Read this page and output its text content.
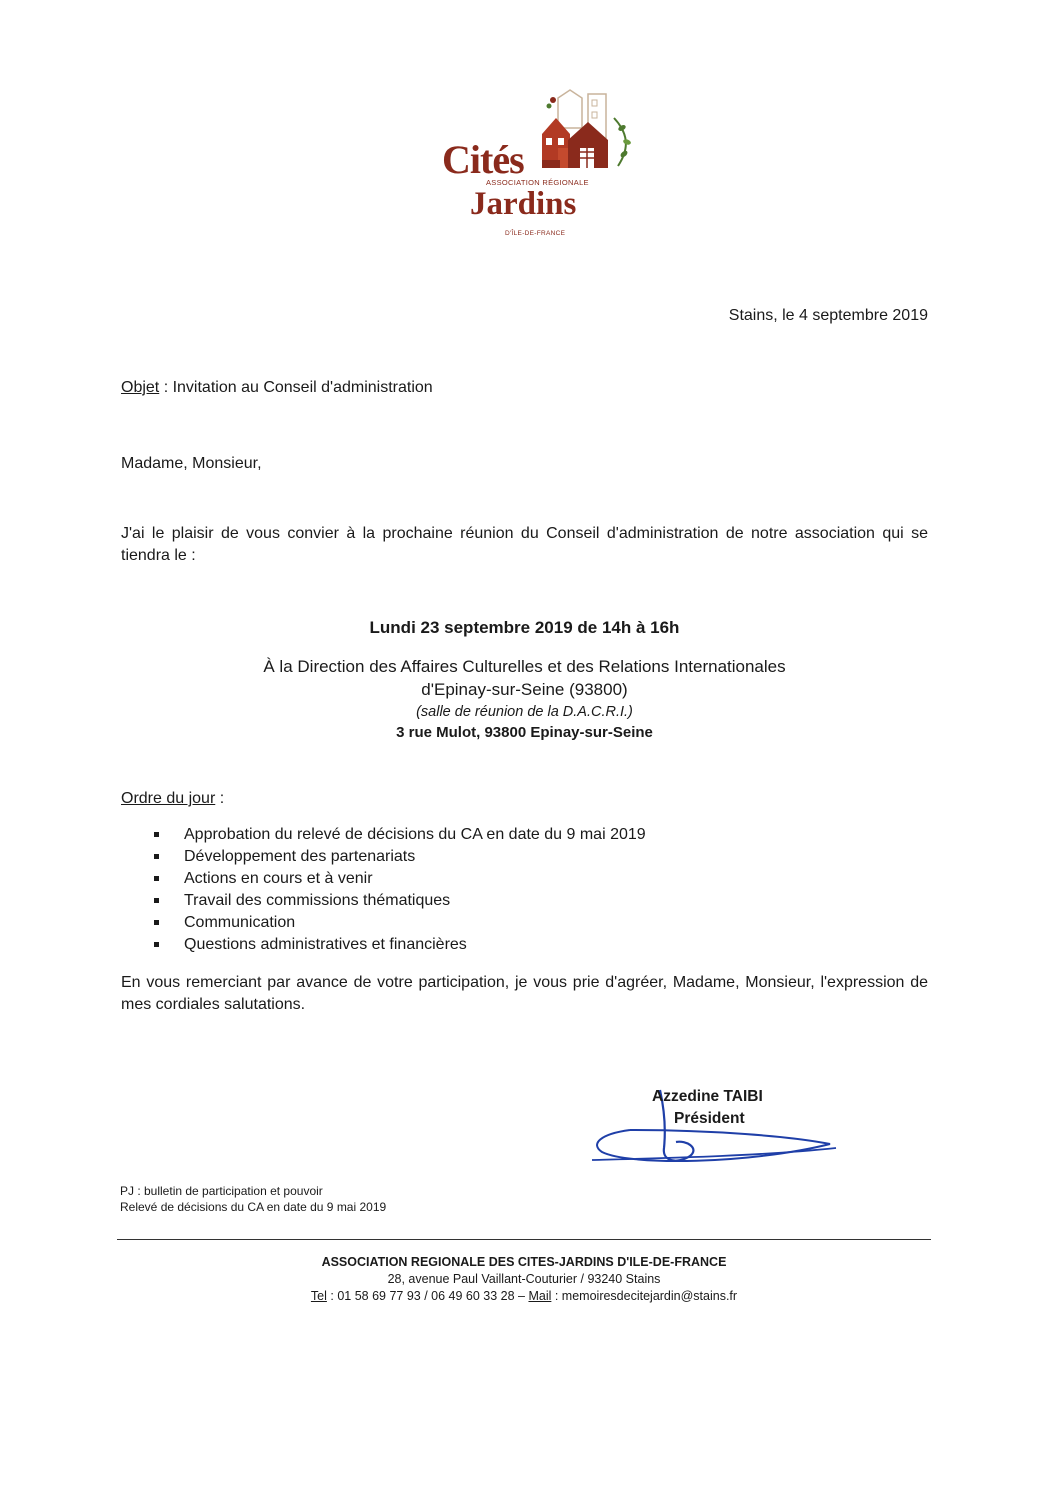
Cités
ASSOCIATION RÉGIONALE
Jardins
D'ÎLE-DE-FRANCE
Stains, le 4 septembre 2019
Objet : Invitation au Conseil d'administration
Madame, Monsieur,
J'ai le plaisir de vous convier à la prochaine réunion du Conseil d'administration de notre association qui se tiendra le :
Lundi 23 septembre 2019 de 14h à 16h
À la Direction des Affaires Culturelles et des Relations Internationales
d'Epinay-sur-Seine (93800)
(salle de réunion de la D.A.C.R.I.)
3 rue Mulot, 93800 Epinay-sur-Seine
Ordre du jour :
Approbation du relevé de décisions du CA en date du 9 mai 2019
Développement des partenariats
Actions en cours et à venir
Travail des commissions thématiques
Communication
Questions administratives et financières
En vous remerciant par avance de votre participation, je vous prie d'agréer, Madame, Monsieur, l'expression de mes cordiales salutations.
Azzedine TAIBI
Président
PJ : bulletin de participation et pouvoir
Relevé de décisions du CA en date du 9 mai 2019
ASSOCIATION REGIONALE DES CITES-JARDINS D'ILE-DE-FRANCE
28, avenue Paul Vaillant-Couturier / 93240 Stains
Tel : 01 58 69 77 93 / 06 49 60 33 28 – Mail : memoiresdecitejardin@stains.fr
